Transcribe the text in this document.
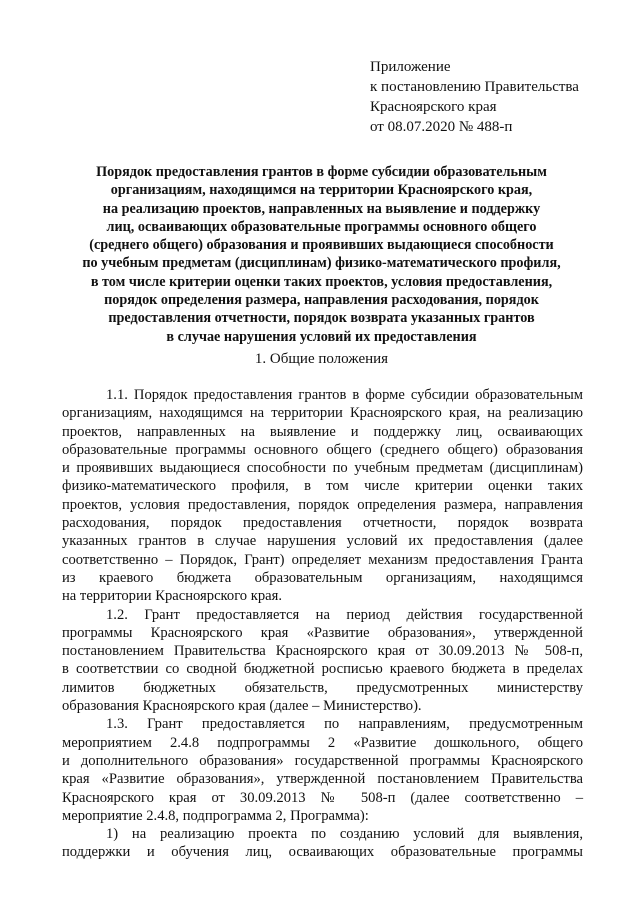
Приложение
к постановлению Правительства
Красноярского края
от 08.07.2020 № 488-п
Порядок предоставления грантов в форме субсидии образовательным
организациям, находящимся на территории Красноярского края,
на реализацию проектов, направленных на выявление и поддержку
лиц, осваивающих образовательные программы основного общего
(среднего общего) образования и проявивших выдающиеся способности
по учебным предметам (дисциплинам) физико-математического профиля,
в том числе критерии оценки таких проектов, условия предоставления,
порядок определения размера, направления расходования, порядок
предоставления отчетности, порядок возврата указанных грантов
в случае нарушения условий их предоставления
1. Общие положения
1.1. Порядок предоставления грантов в форме субсидии образовательным
организациям, находящимся на территории Красноярского края, на реализацию
проектов, направленных на выявление и поддержку лиц, осваивающих
образовательные программы основного общего (среднего общего) образования
и проявивших выдающиеся способности по учебным предметам (дисциплинам)
физико-математического профиля, в том числе критерии оценки таких
проектов, условия предоставления, порядок определения размера, направления
расходования, порядок предоставления отчетности, порядок возврата
указанных грантов в случае нарушения условий их предоставления (далее
соответственно – Порядок, Грант) определяет механизм предоставления Гранта
из краевого бюджета образовательным организациям, находящимся
на территории Красноярского края.
1.2. Грант предоставляется на период действия государственной
программы Красноярского края «Развитие образования», утвержденной
постановлением Правительства Красноярского края от 30.09.2013 № 508-п,
в соответствии со сводной бюджетной росписью краевого бюджета в пределах
лимитов бюджетных обязательств, предусмотренных министерству
образования Красноярского края (далее – Министерство).
1.3. Грант предоставляется по направлениям, предусмотренным
мероприятием 2.4.8 подпрограммы 2 «Развитие дошкольного, общего
и дополнительного образования» государственной программы Красноярского
края «Развитие образования», утвержденной постановлением Правительства
Красноярского края от 30.09.2013 № 508-п (далее соответственно –
мероприятие 2.4.8, подпрограмма 2, Программа):
1) на реализацию проекта по созданию условий для выявления,
поддержки и обучения лиц, осваивающих образовательные программы
